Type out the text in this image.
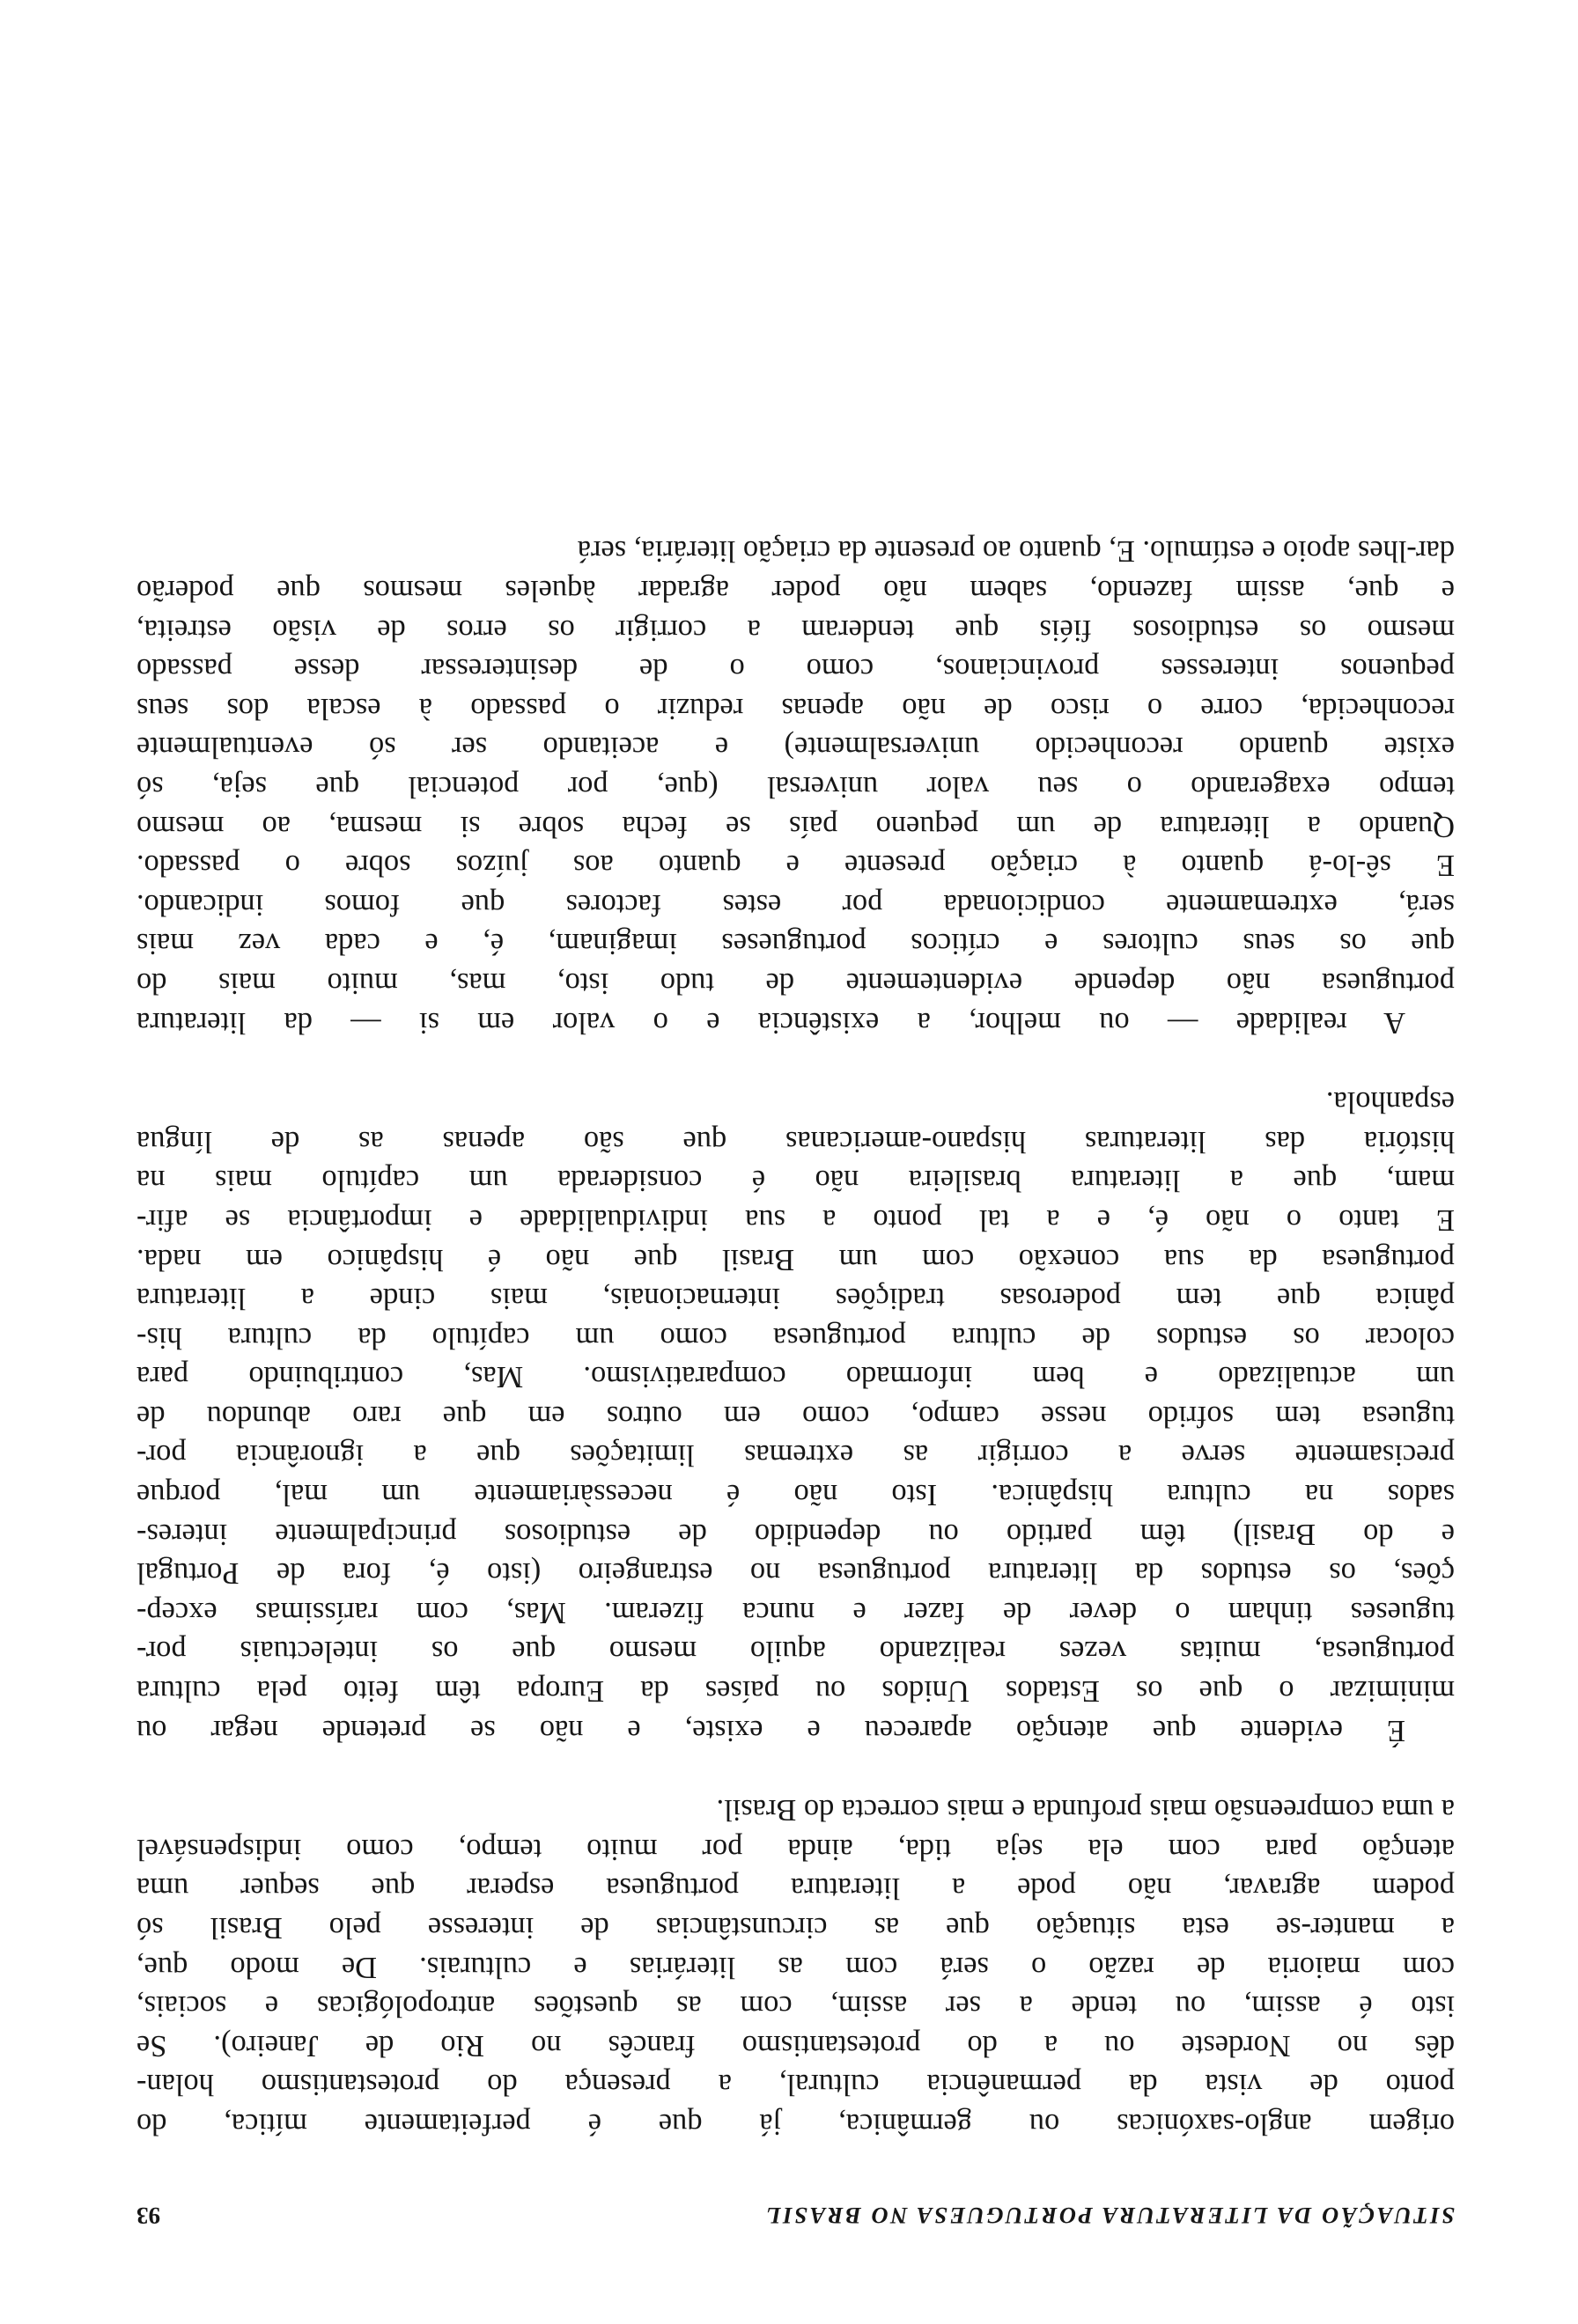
SITUAÇÃO DA LITERATURA PORTUGUESA NO BRASIL
93
origem anglo-saxónicas ou germânica, já que é perfeitamente mítica, do
ponto de vista da permanência cultural, a presença do protestantismo holan-
dês no Nordeste ou a do protestantismo francês no Rio de Janeiro). Se
isto é assim, ou tende a ser assim, com as questões antropológicas e sociais,
com maioria de razão o será com as literárias e culturais. De modo que,
a manter-se esta situação que as circunstâncias de interesse pelo Brasil só
podem agravar, não pode a literatura portuguesa esperar que sequer uma
atenção para com ela seja tida, ainda por muito tempo, como indispensável
a uma compreensão mais profunda e mais correcta do Brasil.
É evidente que atenção apareceu e existe, e não se pretende negar ou
minimizar o que os Estados Unidos ou países da Europa têm feito pela cultura
portuguesa, muitas vezes realizando aquilo mesmo que os intelectuais por-
tugueses tinham o dever de fazer e nunca fizeram. Mas, com raríssimas excep-
ções, os estudos da literatura portuguesa no estrangeiro (isto é, fora de Portugal
e do Brasil) têm partido ou dependido de estudiosos principalmente interes-
sados na cultura hispânica. Isto não é necessàriamente um mal, porque
precisamente serve a corrigir as extremas limitações que a ignorância por-
tuguesa tem sofrido nesse campo, como em outros em que raro abundou de
um actualizado e bem informado comparativismo. Mas, contribuindo para
colocar os estudos de cultura portuguesa como um capítulo da cultura his-
pânica que tem poderosas tradições internacionais, mais cinde a literatura
portuguesa da sua conexão com um Brasil que não é hispânico em nada.
E tanto o não é, e a tal ponto a sua individualidade e importância se afir-
mam, que a literatura brasileira não é considerada um capítulo mais na
história das literaturas hispano-americanas que são apenas as de língua
espanhola.
A realidade — ou melhor, a existência e o valor em si — da literatura
portuguesa não depende evidentemente de tudo isto, mas, muito mais do
que os seus cultores e críticos portugueses imaginam, é, e cada vez mais
será, extremamente condicionada por estes factores que fomos indicando.
E sê-lo-á quanto à criação presente e quanto aos juízos sobre o passado.
Quando a literatura de um pequeno país se fecha sobre si mesma, ao mesmo
tempo exagerando o seu valor universal (que, por potencial que seja, só
existe quando reconhecido universalmente) e aceitando ser só eventualmente
reconhecida, corre o risco de não apenas reduzir o passado à escala dos seus
pequenos interesses provincianos, como o de desinteressar desse passado
mesmo os estudiosos fiéis que tenderam a corrigir os erros de visão estreita,
e que, assim fazendo, sabem não poder agradar àqueles mesmos que poderão
dar-lhes apoio e estímulo. E, quanto ao presente da criação literária, será
